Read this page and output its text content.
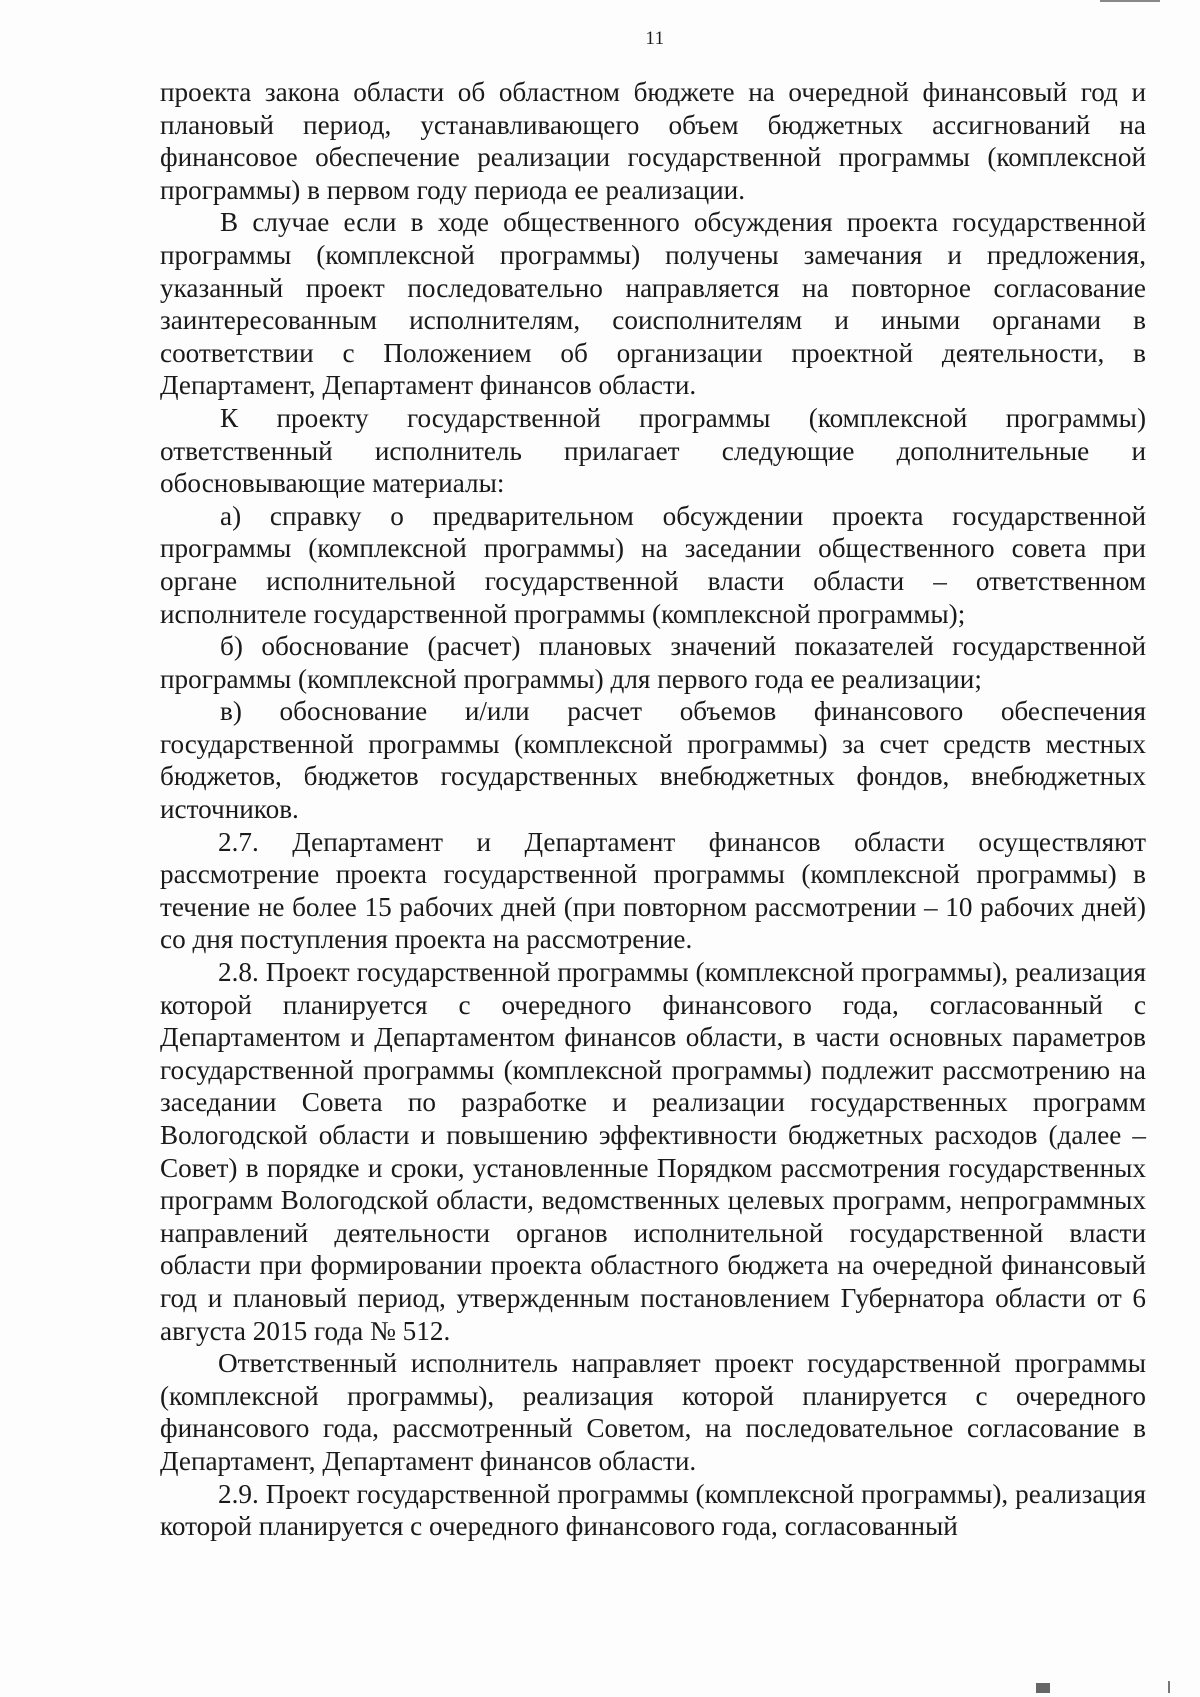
11

проекта закона области об областном бюджете на очередной финансовый год и плановый период, устанавливающего объем бюджетных ассигнований на финансовое обеспечение реализации государственной программы (комплексной программы) в первом году периода ее реализации.

В случае если в ходе общественного обсуждения проекта государственной программы (комплексной программы) получены замечания и предложения, указанный проект последовательно направляется на повторное согласование заинтересованным исполнителям, соисполнителям и иными органами в соответствии с Положением об организации проектной деятельности, в Департамент, Департамент финансов области.

К проекту государственной программы (комплексной программы) ответственный исполнитель прилагает следующие дополнительные и обосновывающие материалы:

а) справку о предварительном обсуждении проекта государственной программы (комплексной программы) на заседании общественного совета при органе исполнительной государственной власти области – ответственном исполнителе государственной программы (комплексной программы);

б) обоснование (расчет) плановых значений показателей государственной программы (комплексной программы) для первого года ее реализации;

в) обоснование и/или расчет объемов финансового обеспечения государственной программы (комплексной программы) за счет средств местных бюджетов, бюджетов государственных внебюджетных фондов, внебюджетных источников.

2.7. Департамент и Департамент финансов области осуществляют рассмотрение проекта государственной программы (комплексной программы) в течение не более 15 рабочих дней (при повторном рассмотрении – 10 рабочих дней) со дня поступления проекта на рассмотрение.

2.8. Проект государственной программы (комплексной программы), реализация которой планируется с очередного финансового года, согласованный с Департаментом и Департаментом финансов области, в части основных параметров государственной программы (комплексной программы) подлежит рассмотрению на заседании Совета по разработке и реализации государственных программ Вологодской области и повышению эффективности бюджетных расходов (далее – Совет) в порядке и сроки, установленные Порядком рассмотрения государственных программ Вологодской области, ведомственных целевых программ, непрограммных направлений деятельности органов исполнительной государственной власти области при формировании проекта областного бюджета на очередной финансовый год и плановый период, утвержденным постановлением Губернатора области от 6 августа 2015 года № 512.

Ответственный исполнитель направляет проект государственной программы (комплексной программы), реализация которой планируется с очередного финансового года, рассмотренный Советом, на последовательное согласование в Департамент, Департамент финансов области.

2.9. Проект государственной программы (комплексной программы), реализация которой планируется с очередного финансового года, согласованный
